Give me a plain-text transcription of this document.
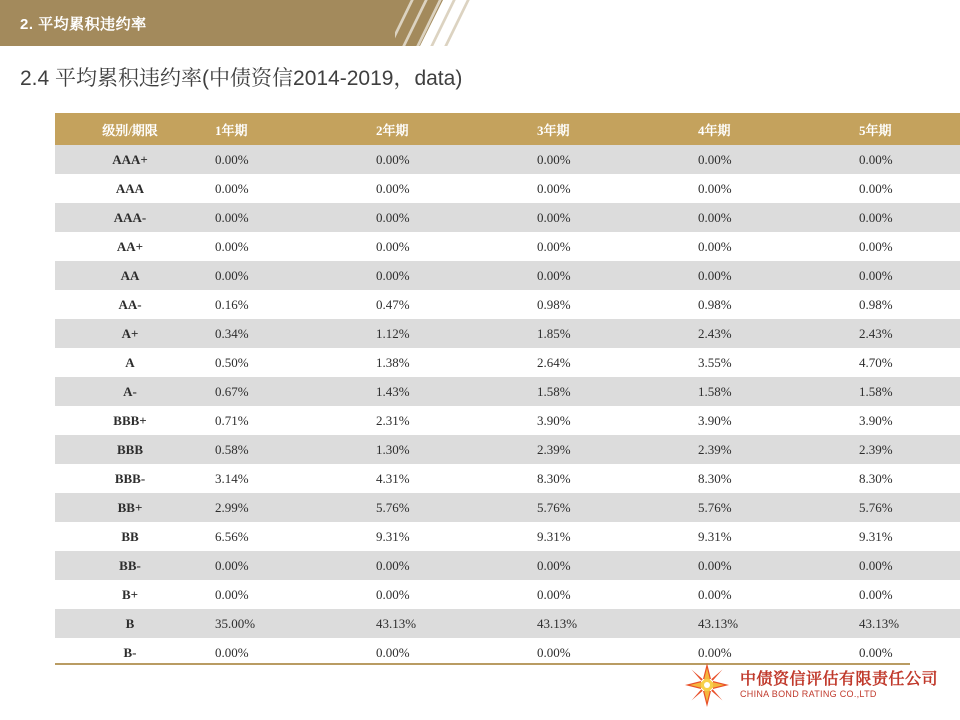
2. 平均累积违约率
2.4 平均累积违约率(中债资信2014-2019，data)
级别/期限	1年期	2年期	3年期	4年期	5年期
AAA+	0.00%	0.00%	0.00%	0.00%	0.00%
AAA	0.00%	0.00%	0.00%	0.00%	0.00%
AAA-	0.00%	0.00%	0.00%	0.00%	0.00%
AA+	0.00%	0.00%	0.00%	0.00%	0.00%
AA	0.00%	0.00%	0.00%	0.00%	0.00%
AA-	0.16%	0.47%	0.98%	0.98%	0.98%
A+	0.34%	1.12%	1.85%	2.43%	2.43%
A	0.50%	1.38%	2.64%	3.55%	4.70%
A-	0.67%	1.43%	1.58%	1.58%	1.58%
BBB+	0.71%	2.31%	3.90%	3.90%	3.90%
BBB	0.58%	1.30%	2.39%	2.39%	2.39%
BBB-	3.14%	4.31%	8.30%	8.30%	8.30%
BB+	2.99%	5.76%	5.76%	5.76%	5.76%
BB	6.56%	9.31%	9.31%	9.31%	9.31%
BB-	0.00%	0.00%	0.00%	0.00%	0.00%
B+	0.00%	0.00%	0.00%	0.00%	0.00%
B	35.00%	43.13%	43.13%	43.13%	43.13%
B-	0.00%	0.00%	0.00%	0.00%	0.00%
中债资信评估有限责任公司
CHINA BOND RATING CO.,LTD
